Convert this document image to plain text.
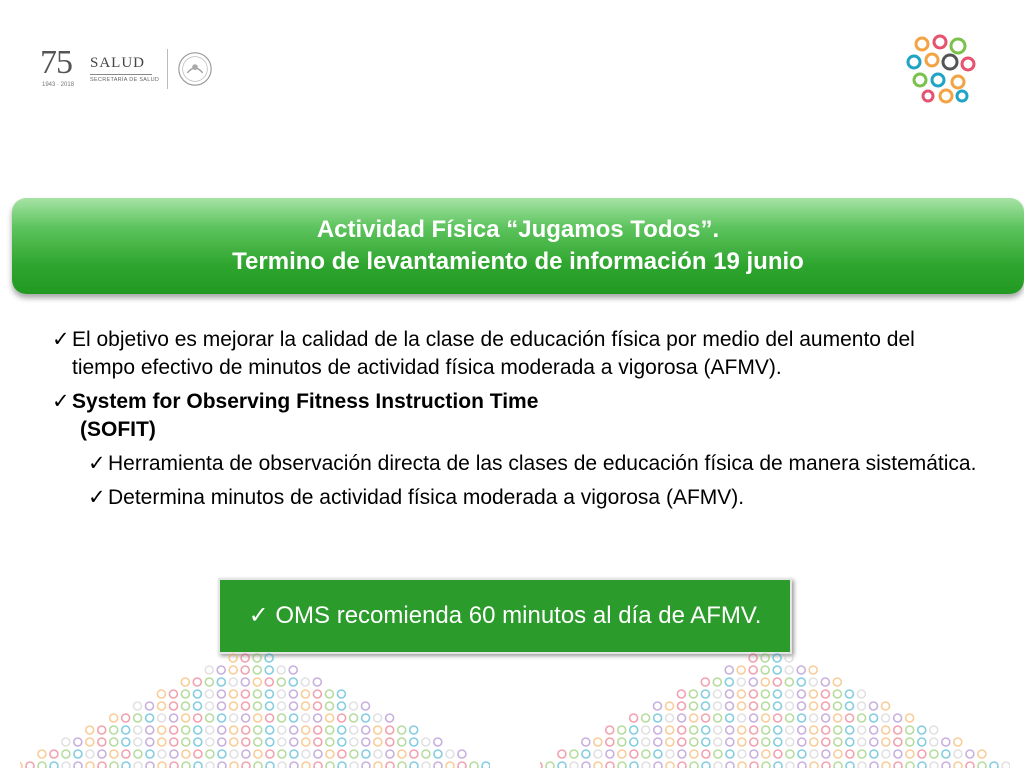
75
1943 · 2018
SALUD
SECRETARÍA DE SALUD
Actividad Física “Jugamos Todos”.
Termino de levantamiento de información 19 junio
✓ El objetivo es mejorar la calidad de la clase de educación física por medio del aumento del tiempo efectivo de minutos de actividad física moderada a vigorosa (AFMV).
✓ System for Observing Fitness Instruction Time
(SOFIT)
✓ Herramienta de observación directa de las clases de educación física de manera sistemática.
✓ Determina minutos de actividad física moderada a vigorosa (AFMV).
✓ OMS recomienda 60 minutos al día de AFMV.
